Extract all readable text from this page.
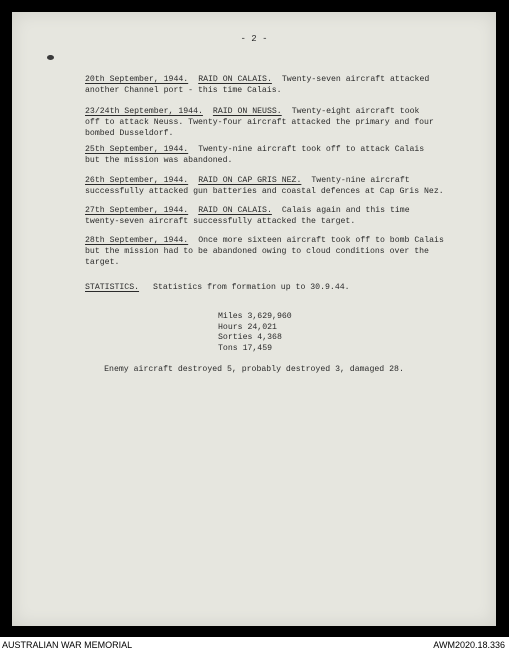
- 2 -
20th September, 1944. RAID ON CALAIS. Twenty-seven aircraft attacked
another Channel port - this time Calais.
23/24th September, 1944. RAID ON NEUSS. Twenty-eight aircraft took
off to attack Neuss. Twenty-four aircraft attacked the primary and four
bombed Dusseldorf.
25th September, 1944. Twenty-nine aircraft took off to attack Calais
but the mission was abandoned.
26th September, 1944. RAID ON CAP GRIS NEZ. Twenty-nine aircraft
successfully attacked gun batteries and coastal defences at Cap Gris Nez.
27th September, 1944. RAID ON CALAIS. Calais again and this time
twenty-seven aircraft successfully attacked the target.
28th September, 1944. Once more sixteen aircraft took off to bomb Calais
but the mission had to be abandoned owing to cloud conditions over the
target.
STATISTICS. Statistics from formation up to 30.9.44.
Miles 3,629,960
Hours 24,021
Sorties 4,368
Tons 17,459
Enemy aircraft destroyed 5, probably destroyed 3, damaged 28.
AUSTRALIAN WAR MEMORIAL	AWM2020.18.336
